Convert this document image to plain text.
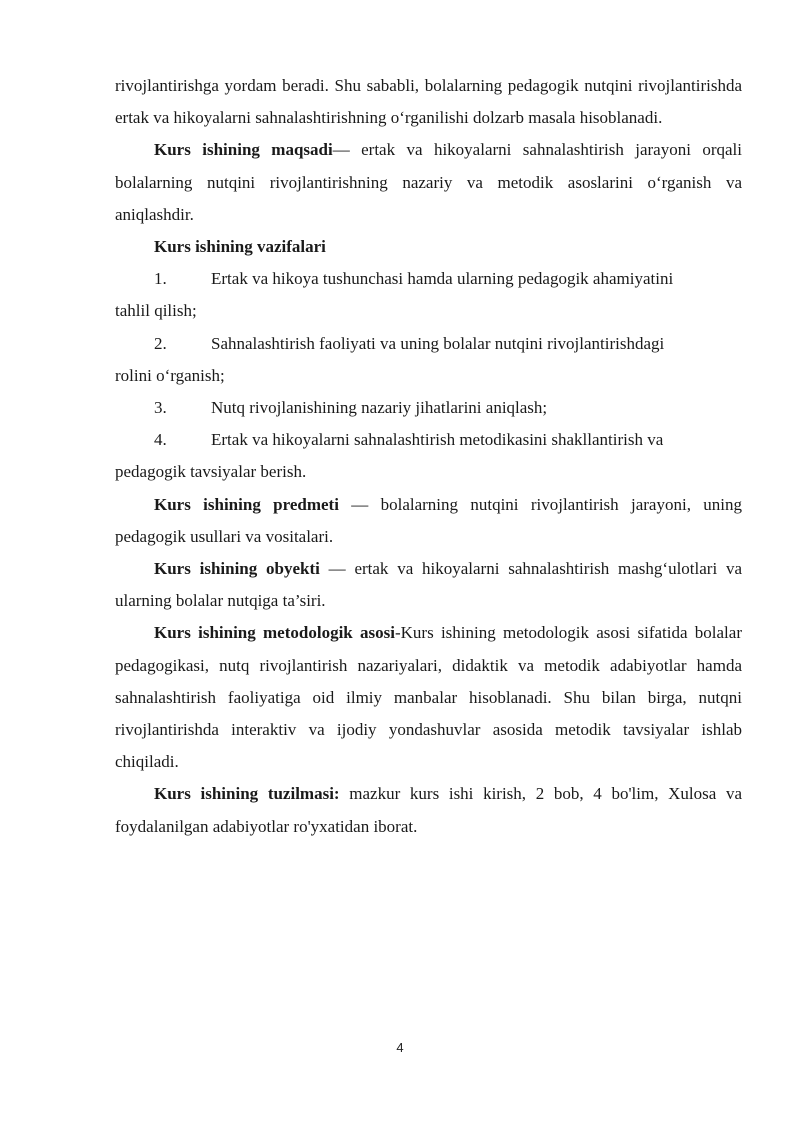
rivojlantirishga yordam beradi. Shu sababli, bolalarning pedagogik nutqini rivojlantirishda ertak va hikoyalarni sahnalashtirishning o‘rganilishi dolzarb masala hisoblanadi.

Kurs ishining maqsadi— ertak va hikoyalarni sahnalashtirish jarayoni orqali bolalarning nutqini rivojlantirishning nazariy va metodik asoslarini o‘rganish va aniqlashdir.

Kurs ishining vazifalari

1.	Ertak va hikoya tushunchasi hamda ularning pedagogik ahamiyatini

tahlil qilish;

2.	Sahnalashtirish faoliyati va uning bolalar nutqini rivojlantirishdagi

rolini o‘rganish;

3.	Nutq rivojlanishining nazariy jihatlarini aniqlash;
4.	Ertak va hikoyalarni sahnalashtirish metodikasini shakllantirish va

pedagogik tavsiyalar berish.

Kurs ishining predmeti — bolalarning nutqini rivojlantirish jarayoni, uning pedagogik usullari va vositalari.

Kurs ishining obyekti — ertak va hikoyalarni sahnalashtirish mashg‘ulotlari va ularning bolalar nutqiga ta’siri.

Kurs ishining metodologik asosi-Kurs ishining metodologik asosi sifatida bolalar pedagogikasi, nutq rivojlantirish nazariyalari, didaktik va metodik adabiyotlar hamda sahnalashtirish faoliyatiga oid ilmiy manbalar hisoblanadi. Shu bilan birga, nutqni rivojlantirishda interaktiv va ijodiy yondashuvlar asosida metodik tavsiyalar ishlab chiqiladi.

Kurs ishining tuzilmasi: mazkur kurs ishi kirish, 2 bob, 4 bo'lim, Xulosa va foydalanilgan adabiyotlar ro'yxatidan iborat.

4
